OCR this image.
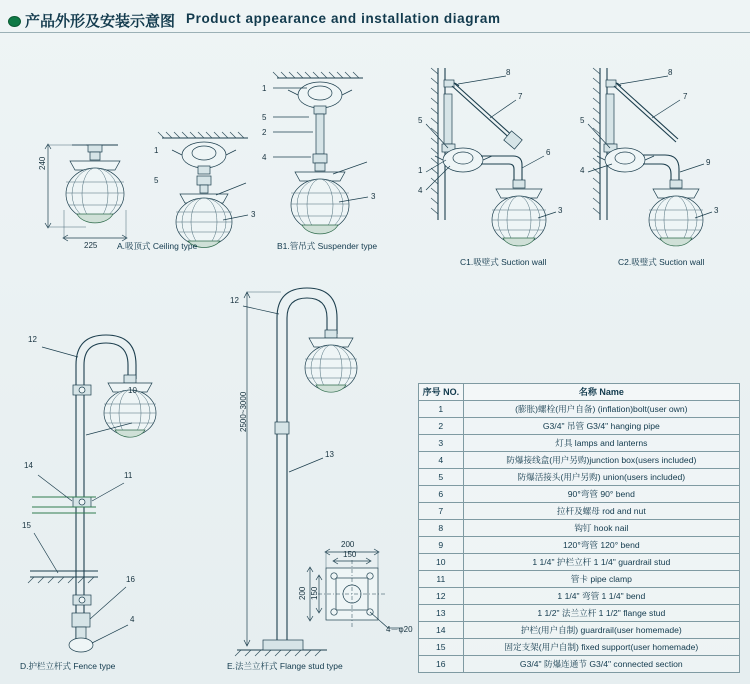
产品外形及安装示意图 Product appearance and installation diagram
240
225
1
5
3
A.吸顶式 Ceiling type
1
5
2
4
3
B1.管吊式 Suspender type
8
7
5
6
1
4
3
C1.吸壁式 Suction wall
8
7
5
4
9
3
C2.吸璧式 Suction wall
12
10
14
11
15
16
4
D.护栏立杆式 Fence type
2500~3000
12
13
E.法兰立杆式 Flange stud type
200
150
200 150
4－φ20
序号 NO.	名称 Name
1	(膨胀)螺栓(用户自备) (inflation)bolt(user own)
2	G3/4" 吊管 G3/4" hanging pipe
3	灯具 lamps and lanterns
4	防爆接线盒(用户另购)junction box(users included)
5	防爆活接头(用户另购) union(users included)
6	90°弯管 90° bend
7	拉杆及螺母 rod and nut
8	钩钉 hook nail
9	120°弯管 120° bend
10	1 1/4" 护栏立杆 1 1/4" guardrail stud
11	管卡 pipe clamp
12	1 1/4" 弯管 1 1/4" bend
13	1 1/2" 法兰立杆 1 1/2" flange stud
14	护栏(用户自制) guardrail(user homemade)
15	固定支架(用户自制) fixed support(user homemade)
16	G3/4" 防爆连通节 G3/4" connected section
